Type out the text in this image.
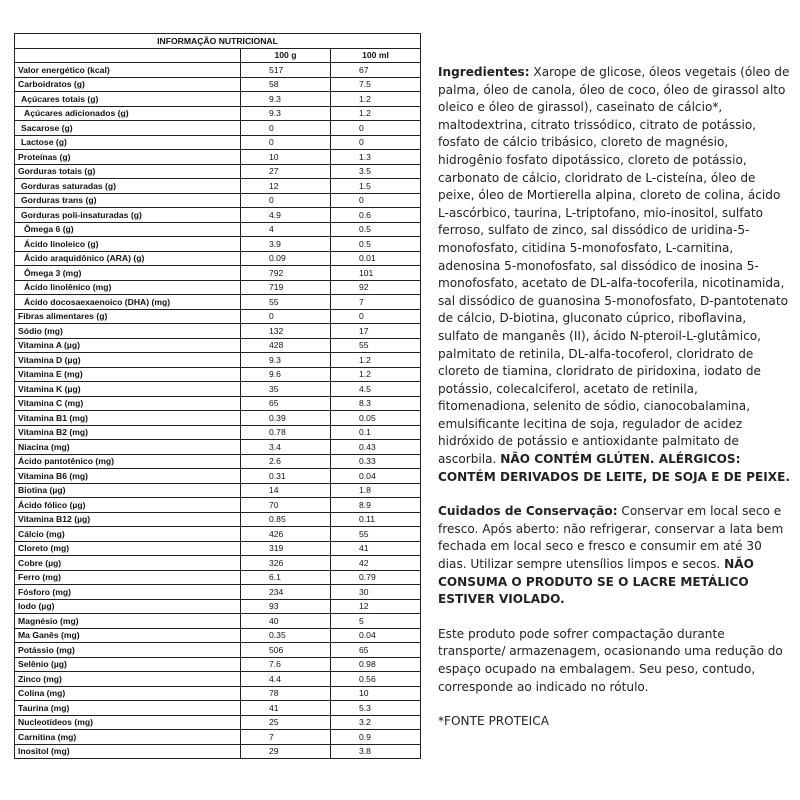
INFORMAÇÃO NUTRICIONAL		
	100 g	100 ml
Valor energético (kcal)	517	67
Carboidratos (g)	58	7.5
Açúcares totais (g)	9.3	1.2
Açúcares adicionados (g)	9.3	1.2
Sacarose (g)	0	0
Lactose (g)	0	0
Proteínas (g)	10	1.3
Gorduras totais (g)	27	3.5
Gorduras saturadas (g)	12	1.5
Gorduras trans (g)	0	0
Gorduras poli-insaturadas (g)	4.9	0.6
Ômega 6 (g)	4	0.5
Ácido linoleico (g)	3.9	0.5
Ácido araquidônico (ARA) (g)	0.09	0.01
Ômega 3 (mg)	792	101
Ácido linolênico (mg)	719	92
Ácido docosaexaenoico (DHA) (mg)	55	7
Fibras alimentares (g)	0	0
Sódio (mg)	132	17
Vitamina A (µg)	428	55
Vitamina D (µg)	9.3	1.2
Vitamina E (mg)	9.6	1.2
Vitamina K (µg)	35	4.5
Vitamina C (mg)	65	8.3
Vitamina B1 (mg)	0.39	0.05
Vitamina B2 (mg)	0.78	0.1
Niacina (mg)	3.4	0.43
Ácido pantotênico (mg)	2.6	0.33
Vitamina B6 (mg)	0.31	0.04
Biotina (µg)	14	1.8
Ácido fólico (µg)	70	8.9
Vitamina B12 (µg)	0.85	0.11
Cálcio (mg)	426	55
Cloreto (mg)	319	41
Cobre (µg)	326	42
Ferro (mg)	6.1	0.79
Fósforo (mg)	234	30
Iodo (µg)	93	12
Magnésio (mg)	40	5
Ma Ganês (mg)	0.35	0.04
Potássio (mg)	506	65
Selênio (µg)	7.6	0.98
Zinco (mg)	4.4	0.56
Colina (mg)	78	10
Taurina (mg)	41	5.3
Nucleotídeos (mg)	25	3.2
Carnitina (mg)	7	0.9
Inositol (mg)	29	3.8

Ingredientes: Xarope de glicose, óleos vegetais (óleo de palma, óleo de canola, óleo de coco, óleo de girassol alto oleico e óleo de girassol), caseinato de cálcio*, maltodextrina, citrato trissódico, citrato de potássio, fosfato de cálcio tribásico, cloreto de magnésio, hidrogênio fosfato dipotássico, cloreto de potássio, carbonato de cálcio, cloridrato de L-cisteína, óleo de peixe, óleo de Mortierella alpina, cloreto de colina, ácido L-ascórbico, taurina, L-triptofano, mio-inositol, sulfato ferroso, sulfato de zinco, sal dissódico de uridina-5-monofosfato, citidina 5-monofosfato, L-carnitina, adenosina 5-monofosfato, sal dissódico de inosina 5-monofosfato, acetato de DL-alfa-tocoferila, nicotinamida, sal dissódico de guanosina 5-monofosfato, D-pantotenato de cálcio, D-biotina, gluconato cúprico, riboflavina, sulfato de manganês (II), ácido N-pteroil-L-glutâmico, palmitato de retinila, DL-alfa-tocoferol, cloridrato de cloreto de tiamina, cloridrato de piridoxina, iodato de potássio, colecalciferol, acetato de retinila, fitomenadiona, selenito de sódio, cianocobalamina, emulsificante lecitina de soja, regulador de acidez hidróxido de potássio e antioxidante palmitato de ascorbila. NÃO CONTÉM GLÚTEN. ALÉRGICOS: CONTÉM DERIVADOS DE LEITE, DE SOJA E DE PEIXE.

Cuidados de Conservação: Conservar em local seco e fresco. Após aberto: não refrigerar, conservar a lata bem fechada em local seco e fresco e consumir em até 30 dias. Utilizar sempre utensílios limpos e secos. NÃO CONSUMA O PRODUTO SE O LACRE METÁLICO ESTIVER VIOLADO.

Este produto pode sofrer compactação durante transporte/ armazenagem, ocasionando uma redução do espaço ocupado na embalagem. Seu peso, contudo, corresponde ao indicado no rótulo.

*FONTE PROTEICA
